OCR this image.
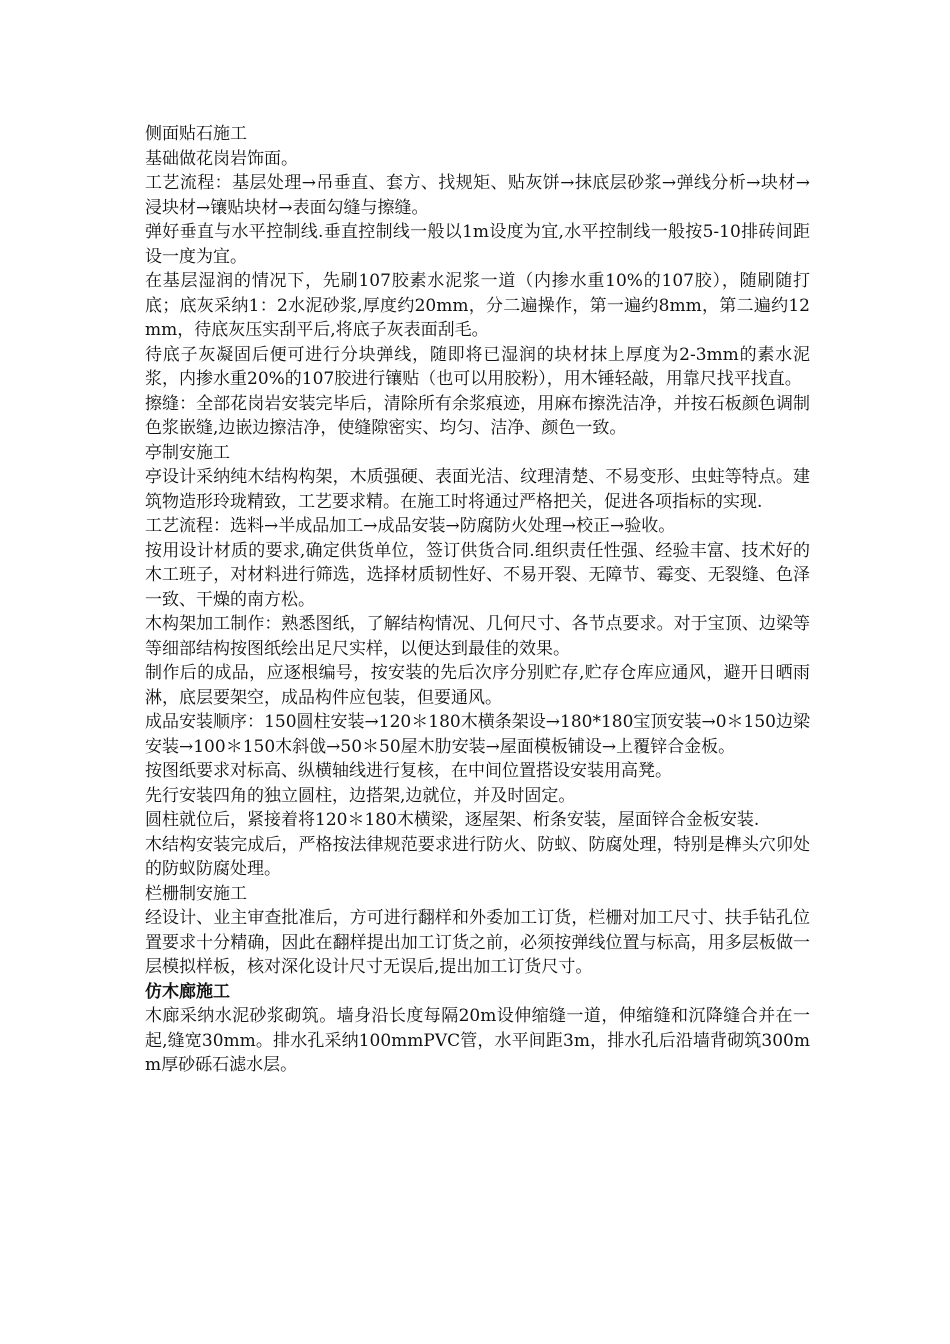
侧面贴石施工

基础做花岗岩饰面。

工艺流程：基层处理→吊垂直、套方、找规矩、贴灰饼→抹底层砂浆→弹线分析→块材→浸块材→镶贴块材→表面勾缝与擦缝。

弹好垂直与水平控制线.垂直控制线一般以1m设度为宜,水平控制线一般按5-10排砖间距设一度为宜。

在基层湿润的情况下，先刷107胶素水泥浆一道（内掺水重10%的107胶），随刷随打底；底灰采纳1：2水泥砂浆,厚度约20mm，分二遍操作，第一遍约8mm，第二遍约12mm，待底灰压实刮平后,将底子灰表面刮毛。

待底子灰凝固后便可进行分块弹线，随即将已湿润的块材抹上厚度为2-3mm的素水泥浆，内掺水重20%的107胶进行镶贴（也可以用胶粉），用木锤轻敲，用靠尺找平找直。

擦缝：全部花岗岩安装完毕后，清除所有余浆痕迹，用麻布擦洗洁净，并按石板颜色调制色浆嵌缝,边嵌边擦洁净，使缝隙密实、均匀、洁净、颜色一致。

亭制安施工

亭设计采纳纯木结构构架，木质强硬、表面光洁、纹理清楚、不易变形、虫蛀等特点。建筑物造形玲珑精致，工艺要求精。在施工时将通过严格把关，促进各项指标的实现.

工艺流程：选料→半成品加工→成品安装→防腐防火处理→校正→验收。

按用设计材质的要求,确定供货单位，签订供货合同.组织责任性强、经验丰富、技术好的木工班子，对材料进行筛选，选择材质韧性好、不易开裂、无障节、霉变、无裂缝、色泽一致、干燥的南方松。

木构架加工制作：熟悉图纸，了解结构情况、几何尺寸、各节点要求。对于宝顶、边梁等等细部结构按图纸绘出足尺实样，以便达到最佳的效果。

制作后的成品，应逐根编号，按安装的先后次序分别贮存,贮存仓库应通风，避开日晒雨淋，底层要架空，成品构件应包装，但要通风。

成品安装顺序：150圆柱安装→120＊180木横条架设→180*180宝顶安装→0＊150边梁安装→100＊150木斜戗→50＊50屋木肋安装→屋面模板铺设→上覆锌合金板。

按图纸要求对标高、纵横轴线进行复核，在中间位置搭设安装用高凳。

先行安装四角的独立圆柱，边搭架,边就位，并及时固定。

圆柱就位后，紧接着将120＊180木横梁，逐屋架、桁条安装，屋面锌合金板安装.

木结构安装完成后，严格按法律规范要求进行防火、防蚁、防腐处理，特别是榫头穴卯处的防蚁防腐处理。

栏栅制安施工

经设计、业主审查批准后，方可进行翻样和外委加工订货，栏栅对加工尺寸、扶手钻孔位置要求十分精确，因此在翻样提出加工订货之前，必须按弹线位置与标高，用多层板做一层模拟样板，核对深化设计尺寸无误后,提出加工订货尺寸。

仿木廊施工

木廊采纳水泥砂浆砌筑。墙身沿长度每隔20m设伸缩缝一道，伸缩缝和沉降缝合并在一起,缝宽30mm。排水孔采纳100mmPVC管，水平间距3m，排水孔后沿墙背砌筑300mm厚砂砾石滤水层。
